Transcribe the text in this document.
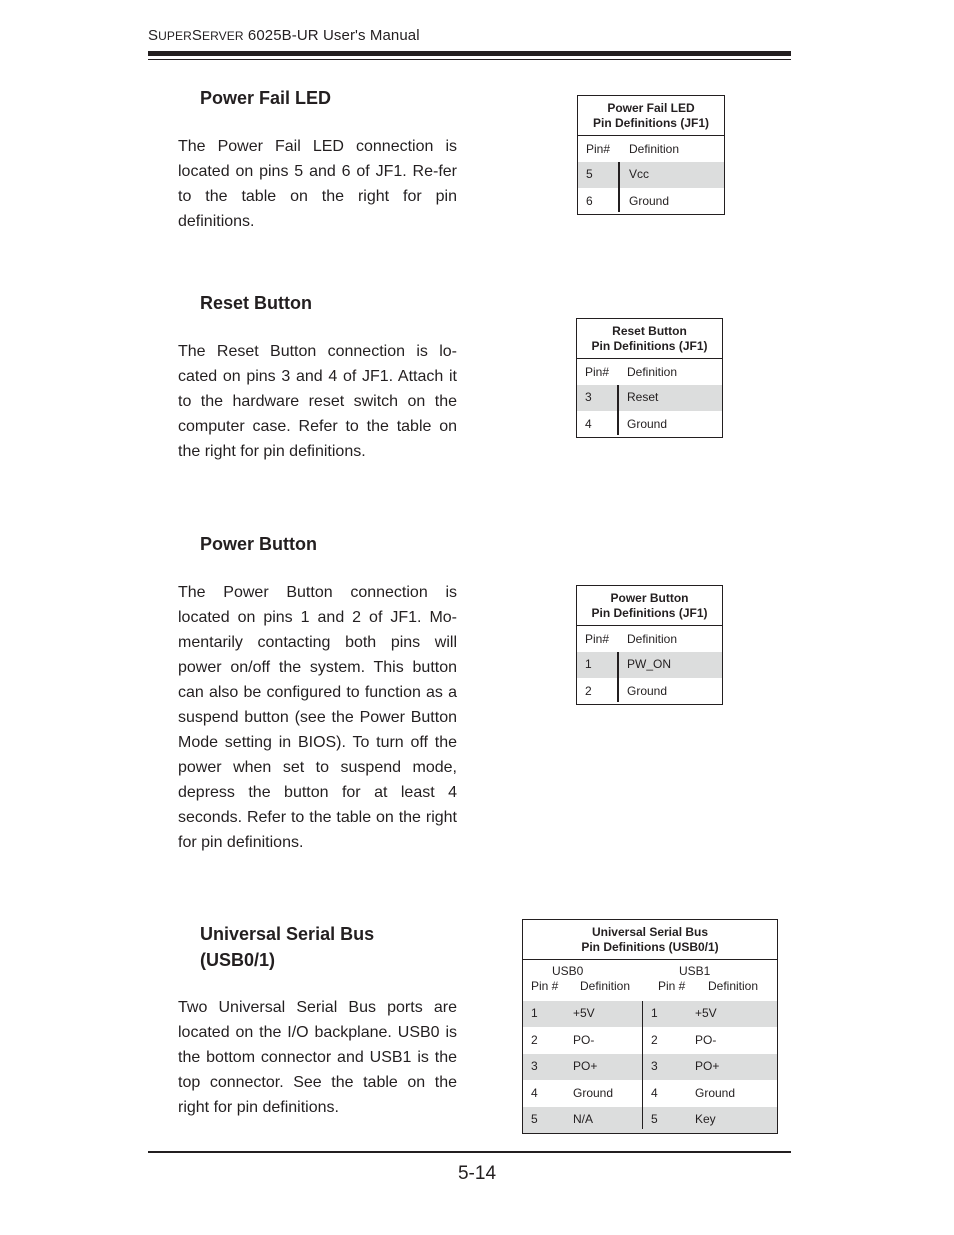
SUPERSERVER 6025B-UR User's Manual
Power Fail LED
The Power Fail LED connection is located on pins 5 and 6 of JF1. Re-fer to the table on the right for pin definitions.
Power Fail LED
Pin Definitions (JF1)
Pin# Definition
5	Vcc
6	Ground
Reset Button
The Reset Button connection is lo-cated on pins 3 and 4 of JF1. Attach it to the hardware reset switch on the computer case. Refer to the table on the right for pin definitions.
Reset Button
Pin Definitions (JF1)
Pin# Definition
3	Reset
4	Ground
Power Button
The Power Button connection is located on pins 1 and 2 of JF1. Mo-mentarily contacting both pins will power on/off the system. This button can also be configured to function as a suspend button (see the Power Button Mode setting in BIOS). To turn off the power when set to suspend mode, depress the button for at least 4 seconds. Refer to the table on the right for pin definitions.
Power Button
Pin Definitions (JF1)
Pin# Definition
1	PW_ON
2	Ground
Universal Serial Bus
(USB0/1)
Two Universal Serial Bus ports are located on the I/O backplane. USB0 is the bottom connector and USB1 is the top connector. See the table on the right for pin definitions.
Universal Serial Bus
Pin Definitions (USB0/1)
USB0	USB1
Pin # Definition Pin # Definition
1	+5V	1	+5V
2	PO-	2	PO-
3	PO+	3	PO+
4	Ground	4	Ground
5	N/A	5	Key
5-14
